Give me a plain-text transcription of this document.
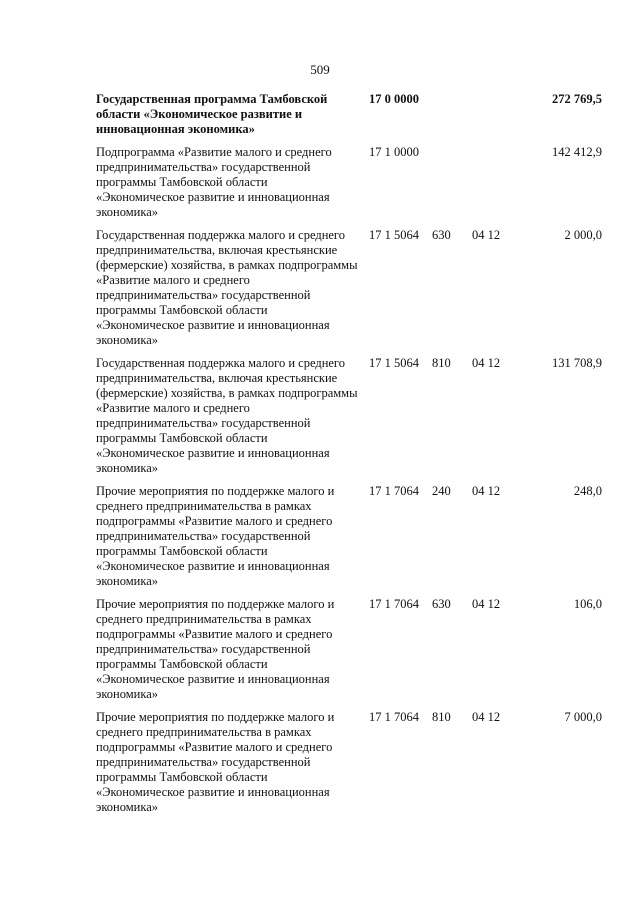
509
Государственная программа Тамбовской области «Экономическое развитие и инновационная экономика»
17 0 0000	272 769,5
Подпрограмма «Развитие малого и среднего предпринимательства» государственной программы Тамбовской области «Экономическое развитие и инновационная экономика»
17 1 0000	142 412,9
Государственная поддержка малого и среднего предпринимательства, включая крестьянские (фермерские) хозяйства, в рамках подпрограммы «Развитие малого и среднего предпринимательства» государственной программы Тамбовской области «Экономическое развитие и инновационная экономика»
17 1 5064 630 04 12	2 000,0
Государственная поддержка малого и среднего предпринимательства, включая крестьянские (фермерские) хозяйства, в рамках подпрограммы «Развитие малого и среднего предпринимательства» государственной программы Тамбовской области «Экономическое развитие и инновационная экономика»
17 1 5064 810 04 12	131 708,9
Прочие мероприятия по поддержке малого и среднего предпринимательства в рамках подпрограммы «Развитие малого и среднего предпринимательства» государственной программы Тамбовской области «Экономическое развитие и инновационная экономика»
17 1 7064 240 04 12	248,0
Прочие мероприятия по поддержке малого и среднего предпринимательства в рамках подпрограммы «Развитие малого и среднего предпринимательства» государственной программы Тамбовской области «Экономическое развитие и инновационная экономика»
17 1 7064 630 04 12	106,0
Прочие мероприятия по поддержке малого и среднего предпринимательства в рамках подпрограммы «Развитие малого и среднего предпринимательства» государственной программы Тамбовской области «Экономическое развитие и инновационная экономика»
17 1 7064 810 04 12	7 000,0
